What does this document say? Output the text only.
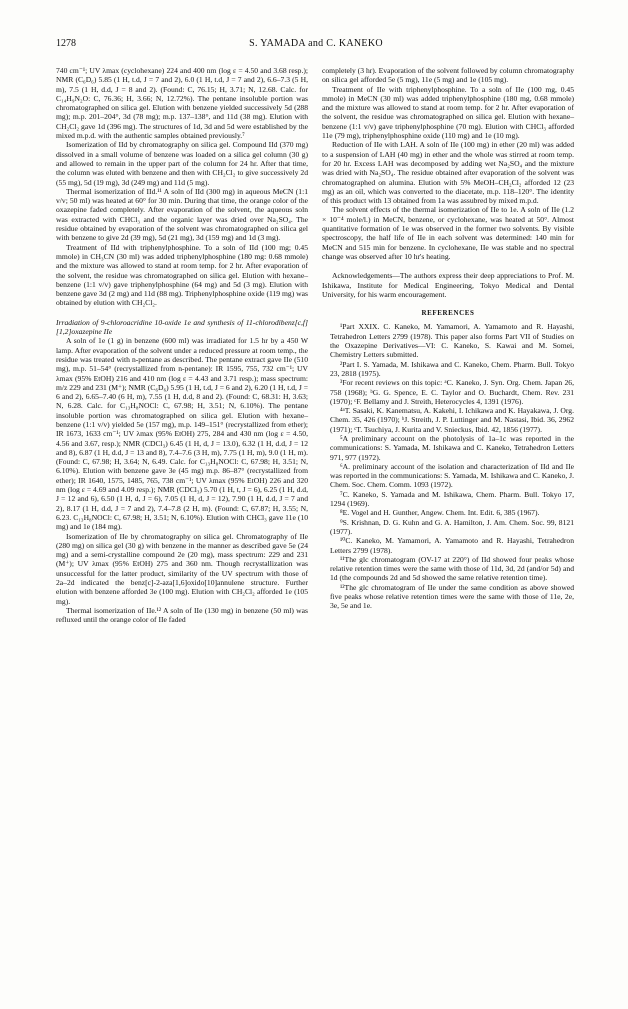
1278	S. YAMADA and C. KANEKO

740 cm⁻¹; UV λmax (cyclohexane) 224 and 400 nm (log ε = 4.50 and 3.68 resp.); NMR (C₆D₆) 5.85 (1 H, t.d, J = 7 and 2), 6.0 (1 H, t.d, J = 7 and 2), 6.6–7.3 (5 H, m), 7.5 (1 H, d.d, J = 8 and 2). (Found: C, 76.15; H, 3.71; N, 12.68. Calc. for C₁₄H₉N₂O: C, 76.36; H, 3.66; N, 12.72%). The pentane insoluble portion was chromatographed on silica gel. Elution with benzene yielded successively 5d (288 mg); m.p. 201–204°, 3d (78 mg); m.p. 137–138°, and 11d (38 mg). Elution with CH₂Cl₂ gave 1d (396 mg). The structures of 1d, 3d and 5d were established by the mixed m.p.d. with the authentic samples obtained previously.⁷

Isomerization of IId by chromatography on silica gel. Compound IId (370 mg) dissolved in a small volume of benzene was loaded on a silica gel column (30 g) and allowed to remain in the upper part of the column for 24 hr. After that time, the column was eluted with benzene and then with CH₂Cl₂ to give successively 2d (55 mg), 5d (19 mg), 3d (249 mg) and 11d (5 mg).

Thermal isomerization of IId.¹¹ A soln of IId (300 mg) in aqueous MeCN (1:1 v/v; 50 ml) was heated at 60° for 30 min. During that time, the orange color of the oxazepine faded completely. After evaporation of the solvent, the aqueous soln was extracted with CHCl₃ and the organic layer was dried over Na₂SO₄. The residue obtained by evaporation of the solvent was chromatographed on silica gel with benzene to give 2d (39 mg), 5d (21 mg), 3d (159 mg) and 1d (3 mg).

Treatment of IId with triphenylphosphine. To a soln of IId (100 mg; 0.45 mmole) in CH₃CN (30 ml) was added triphenylphosphine (180 mg: 0.68 mmole) and the mixture was allowed to stand at room temp. for 2 hr. After evaporation of the solvent, the residue was chromatographed on silica gel. Elution with hexane–benzene (1:1 v/v) gave triphenylphosphine (64 mg) and 5d (3 mg). Elution with benzene gave 3d (2 mg) and 11d (88 mg). Triphenylphosphine oxide (119 mg) was obtained by elution with CH₂Cl₂.

Irradiation of 9-chloroacridine 10-oxide 1e and synthesis of 11-chlorodibenz[c,f][1,2]oxazepine IIe

A soln of 1e (1 g) in benzene (600 ml) was irradiated for 1.5 hr by a 450 W lamp. After evaporation of the solvent under a reduced pressure at room temp., the residue was treated with n-pentane as described. The pentane extract gave IIe (510 mg), m.p. 51–54° (recrystallized from n-pentane): IR 1595, 755, 732 cm⁻¹; UV λmax (95% EtOH) 216 and 410 nm (log ε = 4.43 and 3.71 resp.); mass spectrum: m/z 229 and 231 (M⁺); NMR (C₆D₆) 5.95 (1 H, t.d, J = 6 and 2), 6.20 (1 H, t.d, J = 6 and 2), 6.65–7.40 (6 H, m), 7.55 (1 H, d.d, 8 and 2). (Found: C, 68.31: H, 3.63; N, 6.28. Calc. for C₁₃H₈NOCl: C, 67.98; H, 3.51; N, 6.10%). The pentane insoluble portion was chromatographed on silica gel. Elution with hexane–benzene (1:1 v/v) yielded 5e (157 mg), m.p. 149–151° (recrystallized from ether); IR 1673, 1633 cm⁻¹; UV λmax (95% EtOH) 275, 284 and 430 nm (log ε = 4.50, 4.56 and 3.67, resp.); NMR (CDCl₃) 6.45 (1 H, d, J = 13.0), 6.32 (1 H, d.d, J = 12 and 8), 6.87 (1 H, d.d, J = 13 and 8), 7.4–7.6 (3 H, m), 7.75 (1 H, m), 9.0 (1 H, m). (Found: C, 67.98; H, 3.64; N, 6.49. Calc. for C₁₃H₈NOCl: C, 67.98; H, 3.51; N, 6.10%). Elution with benzene gave 3e (45 mg) m.p. 86–87° (recrystallized from ether); IR 1640, 1575, 1485, 765, 738 cm⁻¹; UV λmax (95% EtOH) 226 and 320 nm (log ε = 4.69 and 4.09 resp.); NMR (CDCl₃) 5.70 (1 H, t, J = 6), 6.25 (1 H, d.d, J = 12 and 6), 6.50 (1 H, d, J = 6), 7.05 (1 H, d, J = 12), 7.90 (1 H, d.d, J = 7 and 2), 8.17 (1 H, d.d, J = 7 and 2), 7.4–7.8 (2 H, m). (Found: C, 67.87; H, 3.55; N, 6.23. C₁₃H₈NOCl: C, 67.98; H, 3.51; N, 6.10%). Elution with CHCl₃ gave 11e (10 mg) and 1e (184 mg).

Isomerization of IIe by chromatography on silica gel. Chromatography of IIe (280 mg) on silica gel (30 g) with benzene in the manner as described gave 5e (24 mg) and a semi-crystalline compound 2e (20 mg), mass spectrum: 229 and 231 (M⁺); UV λmax (95% EtOH) 275 and 360 nm. Though recrystallization was unsuccessful for the latter product, similarity of the UV spectrum with those of 2a–2d indicated the benz[c]-2-aza[1,6]oxido[10]annulene structure. Further elution with benzene afforded 3e (100 mg). Elution with CH₂Cl₂ afforded 1e (105 mg).

Thermal isomerization of IIe.¹² A soln of IIe (130 mg) in benzene (50 ml) was refluxed until the orange color of IIe faded

completely (3 hr). Evaporation of the solvent followed by column chromatography on silica gel afforded 5e (5 mg), 11e (5 mg) and 1e (105 mg).

Treatment of IIe with triphenylphosphine. To a soln of IIe (100 mg, 0.45 mmole) in MeCN (30 ml) was added triphenylphosphine (180 mg, 0.68 mmole) and the mixture was allowed to stand at room temp. for 2 hr. After evaporation of the solvent, the residue was chromatographed on silica gel. Elution with hexane–benzene (1:1 v/v) gave triphenylphosphine (70 mg). Elution with CHCl₃ afforded 11e (79 mg), triphenylphosphine oxide (110 mg) and 1e (10 mg).

Reduction of IIe with LAH. A soln of IIe (100 mg) in ether (20 ml) was added to a suspension of LAH (40 mg) in ether and the whole was stirred at room temp. for 20 hr. Excess LAH was decomposed by adding wet Na₂SO₄ and the mixture was dried with Na₂SO₄. The residue obtained after evaporation of the solvent was chromatographed on alumina. Elution with 5% MeOH–CH₂Cl₂ afforded 12 (23 mg) as an oil, which was converted to the diacetate, m.p. 118–120°. The identity of this product with 13 obtained from 1a was assubred by mixed m.p.d.

The solvent effects of the thermal isomerization of IIe to 1e. A soln of IIe (1.2 × 10⁻⁴ mole/l.) in MeCN, benzene, or cyclohexane, was heated at 50°. Almost quantitative formation of 1e was observed in the former two solvents. By visible spectroscopy, the half life of IIe in each solvent was determined: 140 min for MeCN and 515 min for benzene. In cyclohexane, IIe was stable and no spectral change was observed after 10 hr's heating.

Acknowledgements—The authors express their deep appreciations to Prof. M. Ishikawa, Institute for Medical Engineering, Tokyo Medical and Dental University, for his warm encouragement.

REFERENCES

¹Part XXIX. C. Kaneko, M. Yamamori, A. Yamamoto and R. Hayashi, Tetrahedron Letters 2799 (1978). This paper also forms Part VII of Studies on the Oxazepine Derivatives—VI: C. Kaneko, S. Kawai and M. Somei, Chemistry Letters submitted.

²Part I. S. Yamada, M. Ishikawa and C. Kaneko, Chem. Pharm. Bull. Tokyo 23, 2818 (1975).

³For recent reviews on this topic: ᵃC. Kaneko, J. Syn. Org. Chem. Japan 26, 758 (1968); ᵇG. G. Spence, E. C. Taylor and O. Buchardt, Chem. Rev. 231 (1970); ᶜF. Bellamy and J. Streith, Heterocycles 4, 1391 (1976).

⁴ᵃT. Sasaki, K. Kanematsu, A. Kakehi, I. Ichikawa and K. Hayakawa, J. Org. Chem. 35, 426 (1970); ᵇJ. Streith, J. P. Luttinger and M. Nastasi, Ibid. 36, 2962 (1971); ᶜT. Tsuchiya, J. Kurita and V. Snieckus, Ibid. 42, 1856 (1977).

⁵A preliminary account on the photolysis of 1a–1c was reported in the communications: S. Yamada, M. Ishikawa and C. Kaneko, Tetrahedron Letters 971, 977 (1972).

⁶A. preliminary account of the isolation and characterization of IId and IIe was reported in the communications: S. Yamada, M. Ishikawa and C. Kaneko, J. Chem. Soc. Chem. Comm. 1093 (1972).

⁷C. Kaneko, S. Yamada and M. Ishikawa, Chem. Pharm. Bull. Tokyo 17, 1294 (1969).

⁸E. Vogel and H. Gunther, Angew. Chem. Int. Edit. 6, 385 (1967).

⁹S. Krishnan, D. G. Kuhn and G. A. Hamilton, J. Am. Chem. Soc. 99, 8121 (1977).

¹⁰C. Kaneko, M. Yamamori, A. Yamamoto and R. Hayashi, Tetrahedron Letters 2799 (1978).

¹¹The glc chromatogram (OV-17 at 220°) of IId showed four peaks whose relative retention times were the same with those of 11d, 3d, 2d (and/or 5d) and 1d (the compounds 2d and 5d showed the same relative retention time).

¹²The glc chromatogram of IIe under the same condition as above showed five peaks whose relative retention times were the same with those of 11e, 2e, 3e, 5e and 1e.
